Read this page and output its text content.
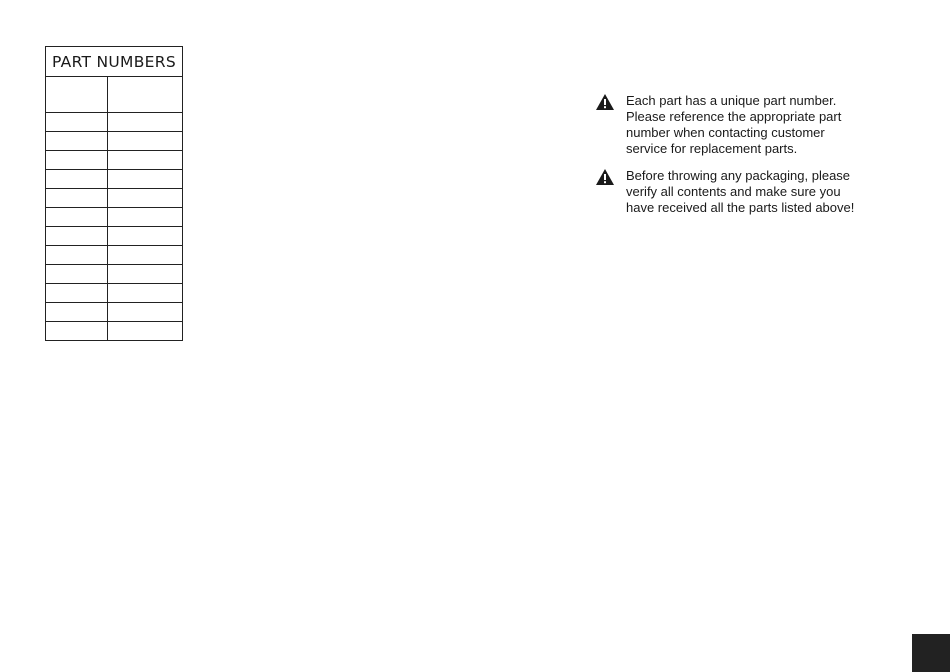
PART NUMBERS	

Each part has a unique part number.
Please reference the appropriate part
number when contacting customer
service for replacement parts.

Before throwing any packaging, please
verify all contents and make sure you
have received all the parts listed above!
